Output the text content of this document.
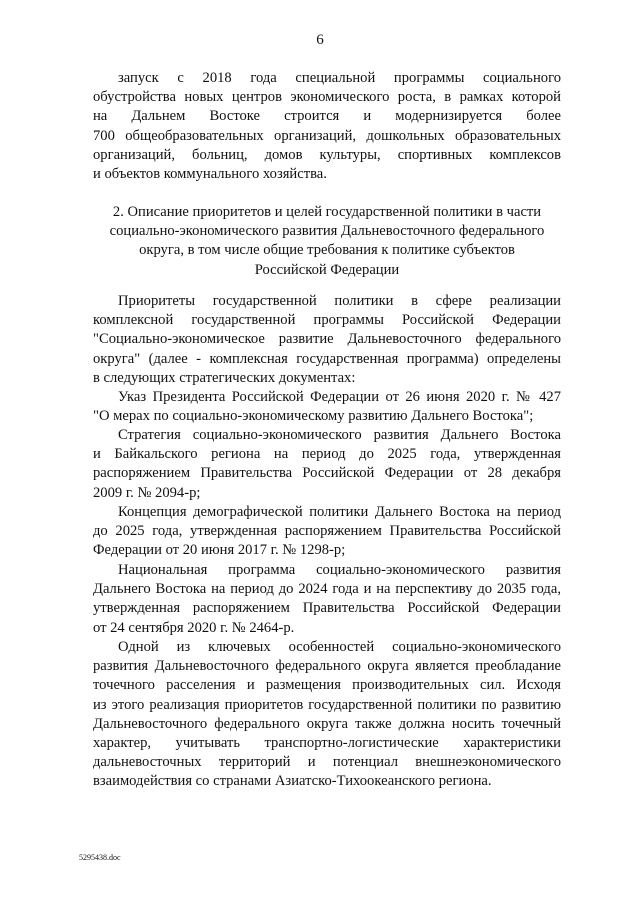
6
запуск с 2018 года специальной программы социального
обустройства новых центров экономического роста, в рамках которой
на Дальнем Востоке строится и модернизируется более
700 общеобразовательных организаций, дошкольных образовательных
организаций, больниц, домов культуры, спортивных комплексов
и объектов коммунального хозяйства.
2. Описание приоритетов и целей государственной политики в части
социально-экономического развития Дальневосточного федерального
округа, в том числе общие требования к политике субъектов
Российской Федерации
Приоритеты государственной политики в сфере реализации
комплексной государственной программы Российской Федерации
"Социально-экономическое развитие Дальневосточного федерального
округа" (далее - комплексная государственная программа) определены
в следующих стратегических документах:
Указ Президента Российской Федерации от 26 июня 2020 г. № 427
"О мерах по социально-экономическому развитию Дальнего Востока";
Стратегия социально-экономического развития Дальнего Востока
и Байкальского региона на период до 2025 года, утвержденная
распоряжением Правительства Российской Федерации от 28 декабря
2009 г. № 2094-р;
Концепция демографической политики Дальнего Востока на период
до 2025 года, утвержденная распоряжением Правительства Российской
Федерации от 20 июня 2017 г. № 1298-р;
Национальная программа социально-экономического развития
Дальнего Востока на период до 2024 года и на перспективу до 2035 года,
утвержденная распоряжением Правительства Российской Федерации
от 24 сентября 2020 г. № 2464-р.
Одной из ключевых особенностей социально-экономического
развития Дальневосточного федерального округа является преобладание
точечного расселения и размещения производительных сил. Исходя
из этого реализация приоритетов государственной политики по развитию
Дальневосточного федерального округа также должна носить точечный
характер, учитывать транспортно-логистические характеристики
дальневосточных территорий и потенциал внешнеэкономического
взаимодействия со странами Азиатско-Тихоокеанского региона.
5295438.doc
